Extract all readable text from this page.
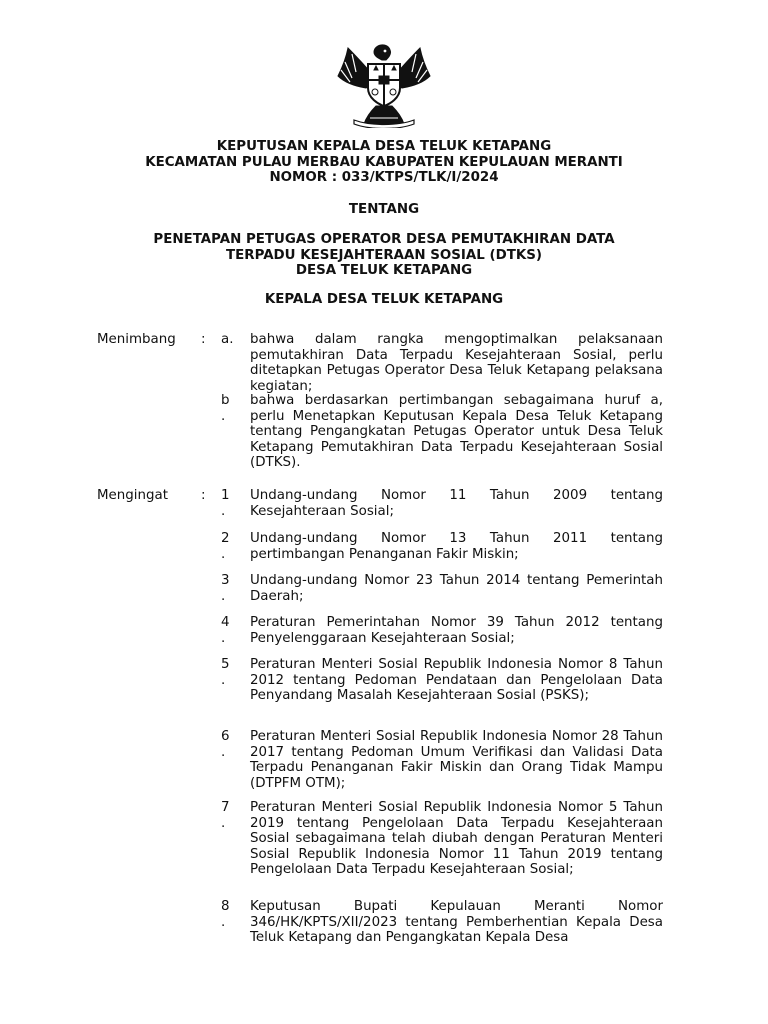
KEPUTUSAN KEPALA DESA TELUK KETAPANG
KECAMATAN PULAU MERBAU KABUPATEN KEPULAUAN MERANTI
NOMOR : 033/KTPS/TLK/I/2024
TENTANG
PENETAPAN PETUGAS OPERATOR DESA PEMUTAKHIRAN DATA
TERPADU KESEJAHTERAAN SOSIAL (DTKS)
DESA TELUK KETAPANG
KEPALA DESA TELUK KETAPANG
Menimbang : a. bahwa dalam rangka mengoptimalkan pelaksanaan pemutakhiran Data Terpadu Kesejahteraan Sosial, perlu ditetapkan Petugas Operator Desa Teluk Ketapang pelaksana kegiatan;
b
.
bahwa berdasarkan pertimbangan sebagaimana huruf a, perlu Menetapkan Keputusan Kepala Desa Teluk Ketapang tentang Pengangkatan Petugas Operator untuk Desa Teluk Ketapang Pemutakhiran Data Terpadu Kesejahteraan Sosial (DTKS).
Mengingat : 1
.
Undang-undang Nomor 11 Tahun 2009 tentang Kesejahteraan Sosial;
2
.
Undang-undang Nomor 13 Tahun 2011 tentang pertimbangan Penanganan Fakir Miskin;
3
.
Undang-undang Nomor 23 Tahun 2014 tentang Pemerintah Daerah;
4
.
Peraturan Pemerintahan Nomor 39 Tahun 2012 tentang Penyelenggaraan Kesejahteraan Sosial;
5
.
Peraturan Menteri Sosial Republik Indonesia Nomor 8 Tahun 2012 tentang Pedoman Pendataan dan Pengelolaan Data Penyandang Masalah Kesejahteraan Sosial (PSKS);
6
.
Peraturan Menteri Sosial Republik Indonesia Nomor 28 Tahun 2017 tentang Pedoman Umum Verifikasi dan Validasi Data Terpadu Penanganan Fakir Miskin dan Orang Tidak Mampu (DTPFM OTM);
7
.
Peraturan Menteri Sosial Republik Indonesia Nomor 5 Tahun 2019 tentang Pengelolaan Data Terpadu Kesejahteraan Sosial sebagaimana telah diubah dengan Peraturan Menteri Sosial Republik Indonesia Nomor 11 Tahun 2019 tentang Pengelolaan Data Terpadu Kesejahteraan Sosial;
8
.
Keputusan Bupati Kepulauan Meranti Nomor 346/HK/KPTS/XII/2023 tentang Pemberhentian Kepala Desa Teluk Ketapang dan Pengangkatan Kepala Desa
